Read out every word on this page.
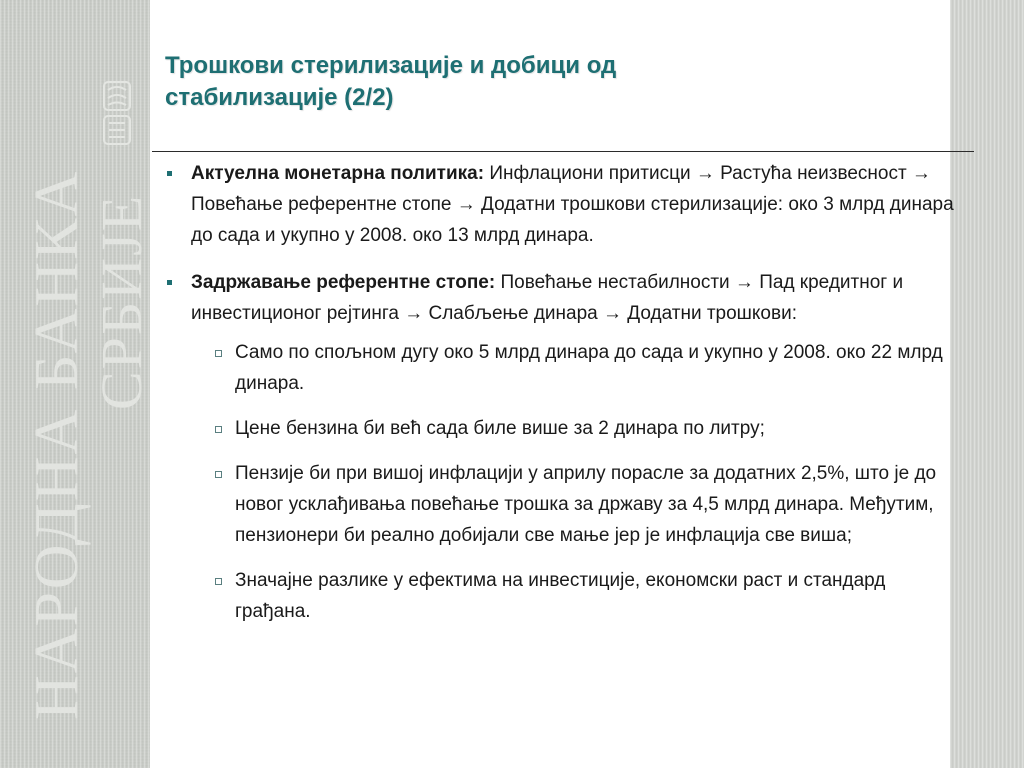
НАРОДНА БАНКА
СРБИЈЕ
Трошкови стерилизације и добици од
стабилизације (2/2)
Актуелна монетарна политика: Инфлациони притисци → Растућа неизвесност → Повећање референтне стопе → Додатни трошкови стерилизације: око 3 млрд динара до сада и укупно у 2008. око 13 млрд динара.
Задржавање референтне стопе: Повећање нестабилности → Пад кредитног и инвестиционог рејтинга → Слабљење динара → Додатни трошкови:
Само по спољном дугу око 5 млрд динара до сада и укупно у 2008. око 22 млрд динара.
Цене бензина би већ сада биле више за 2 динара по литру;
Пензије би при вишој инфлацији у априлу порасле за додатних 2,5%, што је до новог усклађивања повећање трошка за државу за 4,5 млрд динара. Међутим, пензионери би реално добијали све мање јер је инфлација све виша;
Значајне разлике у ефектима на инвестиције, економски раст и стандард грађана.
